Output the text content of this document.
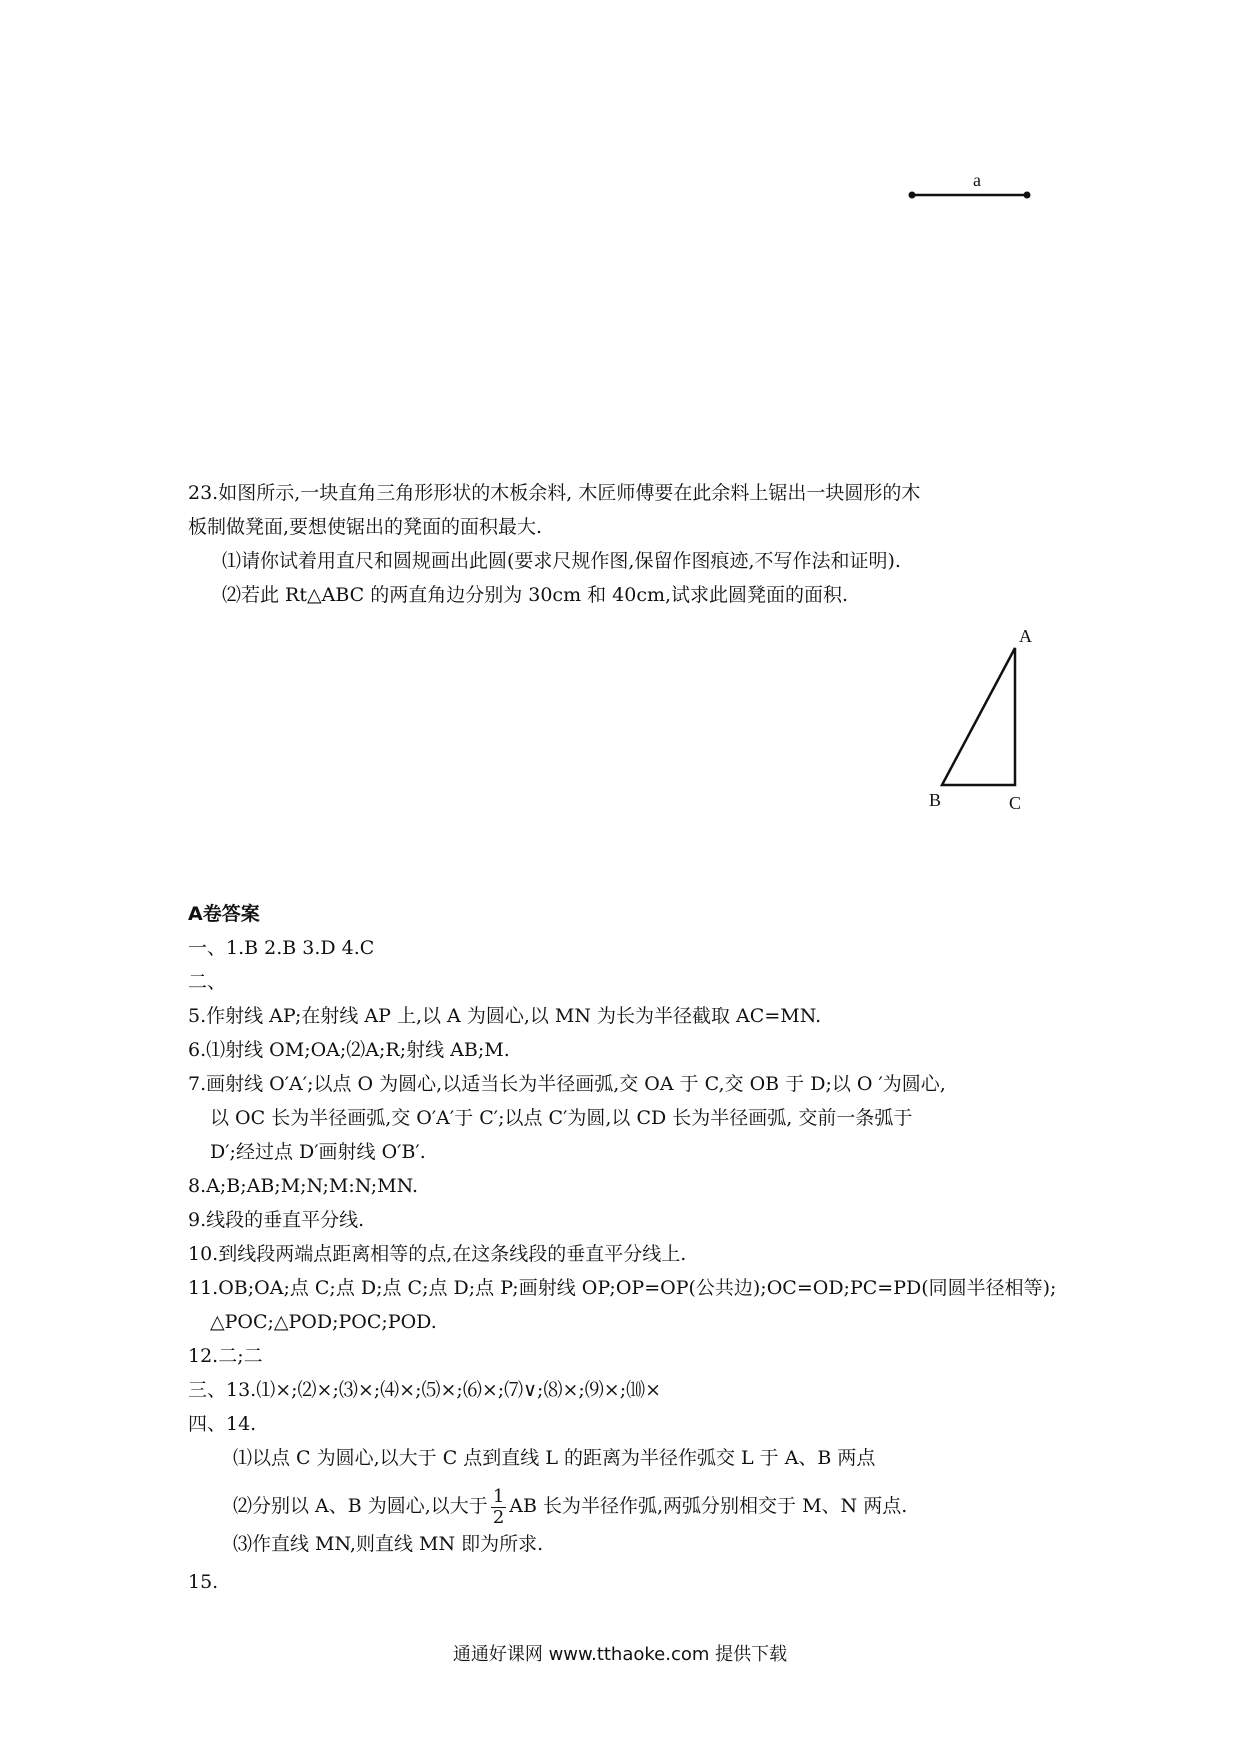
a
23.如图所示,一块直角三角形形状的木板余料, 木匠师傅要在此余料上锯出一块圆形的木
板制做凳面,要想使锯出的凳面的面积最大.
⑴请你试着用直尺和圆规画出此圆(要求尺规作图,保留作图痕迹,不写作法和证明).
⑵若此 Rt△ABC 的两直角边分别为 30cm 和 40cm,试求此圆凳面的面积.
A
B	C
A卷答案
一、1.B 2.B 3.D 4.C
二、
5.作射线 AP;在射线 AP 上,以 A 为圆心,以 MN 为长为半径截取 AC=MN.
6.⑴射线 OM;OA;⑵A;R;射线 AB;M.
7.画射线 O′A′;以点 O 为圆心,以适当长为半径画弧,交 OA 于 C,交 OB 于 D;以 O ′为圆心,
以 OC 长为半径画弧,交 O′A′于 C′;以点 C′为圆,以 CD 长为半径画弧, 交前一条弧于
D′;经过点 D′画射线 O′B′.
8.A;B;AB;M;N;M:N;MN.
9.线段的垂直平分线.
10.到线段两端点距离相等的点,在这条线段的垂直平分线上.
11.OB;OA;点 C;点 D;点 C;点 D;点 P;画射线 OP;OP=OP(公共边);OC=OD;PC=PD(同圆半径相等);
△POC;△POD;POC;POD.
12.二;二
三、13.⑴×;⑵×;⑶×;⑷×;⑸×;⑹×;⑺∨;⑻×;⑼×;⑽×
四、14.
⑴以点 C 为圆心,以大于 C 点到直线 L 的距离为半径作弧交 L 于 A、B 两点
⑵分别以 A、B 为圆心,以大于 $\frac{1}{2}$ AB 长为半径作弧,两弧分别相交于 M、N 两点.
⑶作直线 MN,则直线 MN 即为所求.
15.
通通好课网 www.tthaoke.com 提供下载
